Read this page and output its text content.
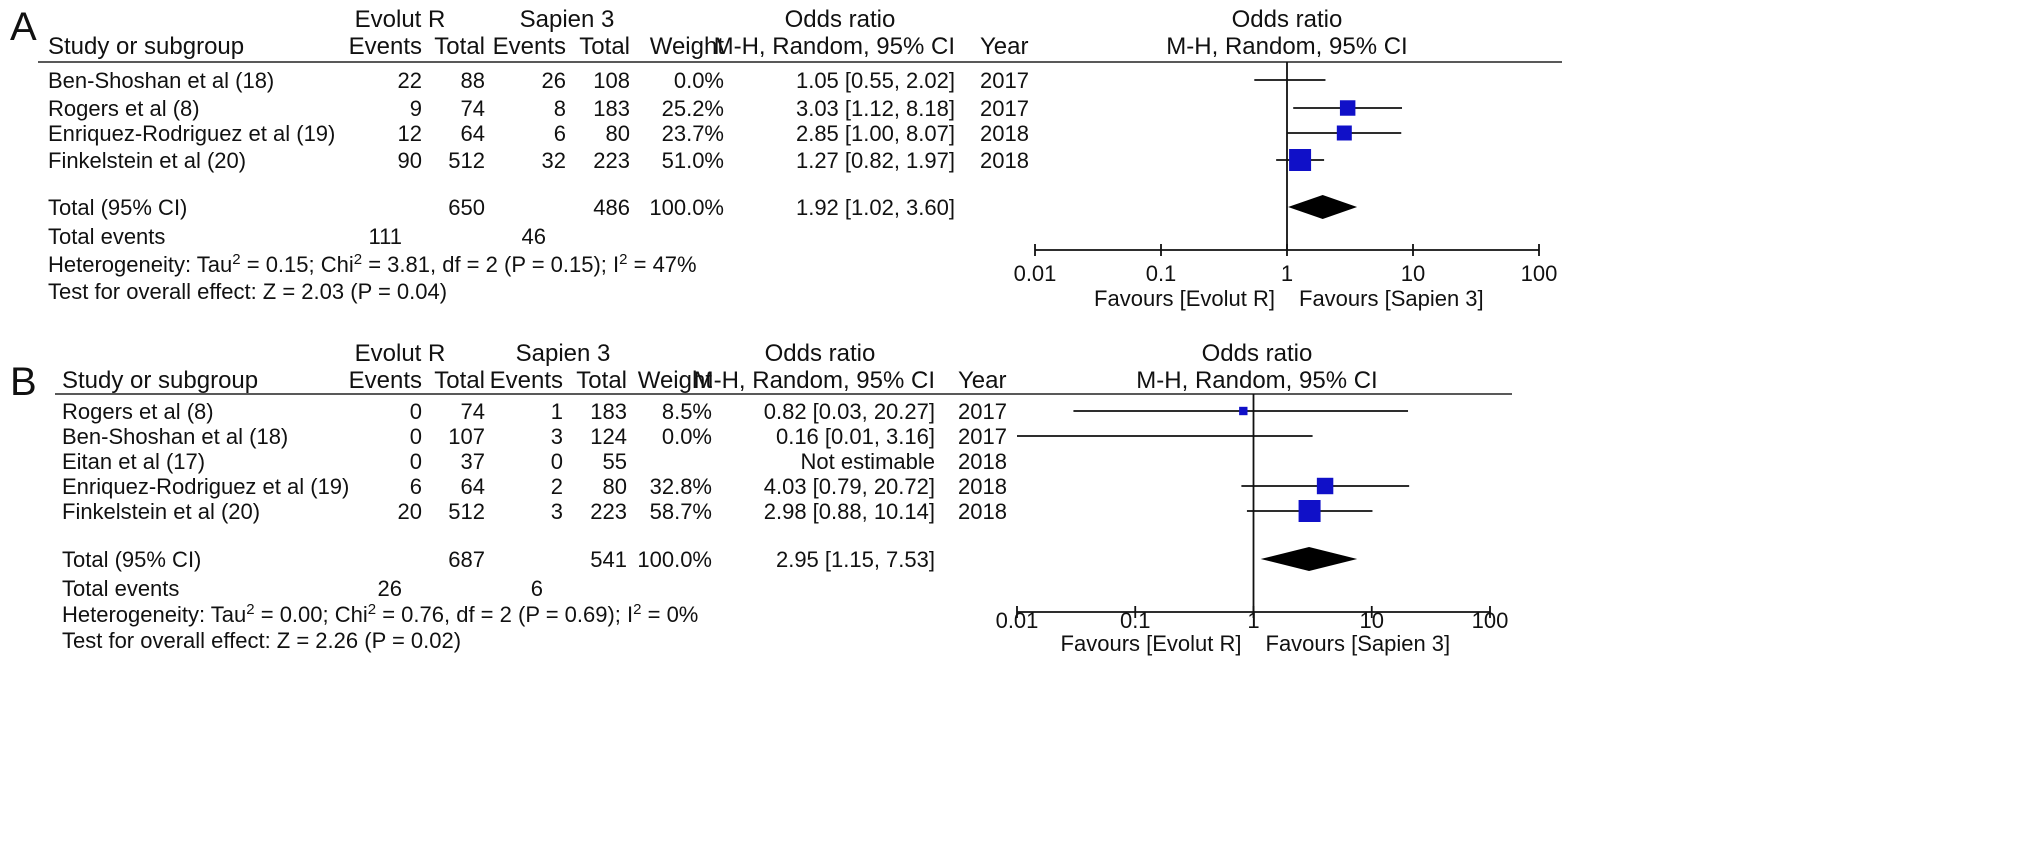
A	Evolut R	Sapien 3	Odds ratio	Odds ratio
Study or subgroup	Events Total Events Total Weight
M-H, Random, 95% CI Year	M-H, Random, 95% CI
Ben-Shoshan et al (18)	22 88	26 108 0.0%	1.05 [0.55, 2.02] 2017
Rogers et al (8)	9 74	8 183 25.2%	3.03 [1.12, 8.18] 2017
Enriquez-Rodriguez et al (19)	12 64	6 80 23.7%	2.85 [1.00, 8.07] 2018
Finkelstein et al (20)	90 512	32 223 51.0%	1.27 [0.82, 1.97] 2018
Total (95% CI)	650	486 100.0%	1.92 [1.02, 3.60]
Total events	111	46
Heterogeneity: Tau$^2$ = 0.15; Chi$^2$ = 3.81, df = 2 (P = 0.15); $I^2 = 47\%$
Test for overall effect: Z = 2.03 (P = 0.04)
0.01	0.1	1	10	100
Favours [Evolut R] Favours [Sapien 3]
B
Evolut R	Sapien 3	Odds ratio	Odds ratio
Study or subgroup	Events Total Events Total Weight
M-H, Random, 95% CI Year	M-H, Random, 95% CI
Rogers et al (8)	0 74	1 183 8.5% 0.82 [0.03, 20.27] 2017
Ben-Shoshan et al (18)	0 107	3 124 0.0%	0.16 [0.01, 3.16] 2017
Eitan et al (17)	0 37	0 55	Not estimable 2018
Enriquez-Rodriguez et al (19)	6 64	2 80 32.8% 4.03 [0.79, 20.72] 2018
Finkelstein et al (20)	20 512	3 223 58.7% 2.98 [0.88, 10.14] 2018
Total (95% CI)	687	541 100.0%	2.95 [1.15, 7.53]
Total events	26	6
Heterogeneity: Tau$^2$ = 0.00; Chi$^2$ = 0.76, df = 2 (P = 0.69); $I^2 = 0\%$
Test for overall effect: Z = 2.26 (P = 0.02)
0.01	0.1	1	10	100
Favours [Evolut R] Favours [Sapien 3]
